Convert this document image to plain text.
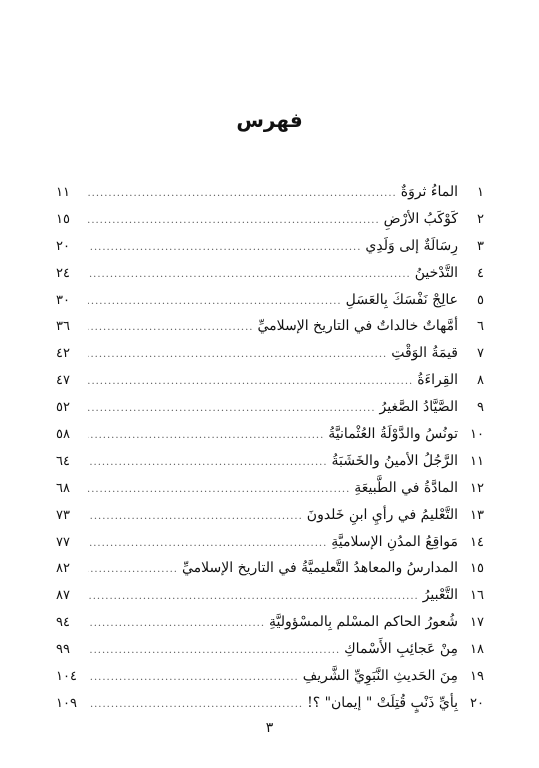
فهرس
١
الماءُ ثروَةٌ
.....
١١
٢
كَوْكَبُ الأرْضِ
.....
١٥
٣
رِسَالَةٌ إلى وَلَدِي
.....
٢٠
٤
التَّدْخينُ
.....
٢٤
٥
عالِجْ نَفْسَكَ بِالعَسَلِ
.....
٣٠
٦
أمَّهاتٌ خالداتٌ في التاريخ الإسلاميِّ
.....
٣٦
٧
قيمَةُ الوَقْتِ
.....
٤٢
٨
القِراءَةُ
.....
٤٧
٩
الصَّيَّادُ الصَّغيرُ
.....
٥٢
١٠
تونُسُ والدَّوْلَةُ العُثْمانيَّةُ
.....
٥٨
١١
الرَّجُلُ الأمينُ والخَشَبَةُ
.....
٦٤
١٢
المادَّةُ في الطَّبيعَةِ
.....
٦٨
١٣
التَّعْليمُ في رأيِ ابنِ خَلدونَ
.....
٧٣
١٤
مَواقِعُ المدُنِ الإسلاميَّةِ
.....
٧٧
١٥
المدارسُ والمعاهدُ التَّعليميَّةُ في التاريخ الإسلاميِّ
.....
٨٢
١٦
التَّعْبيرُ
.....
٨٧
١٧
شُعورُ الحاكم المسْلم بِالمسْؤوليَّةِ
.....
٩٤
١٨
مِنْ عَجائِبِ الأَسْماكِ
.....
٩٩
١٩
مِنَ الحَديثِ النَّبَوِيِّ الشَّريفِ
.....
١٠٤
٢٠
بِأيِّ ذَنْبٍ قُتِلَتْ " إيمان" ؟!
.....
١٠٩
٣
